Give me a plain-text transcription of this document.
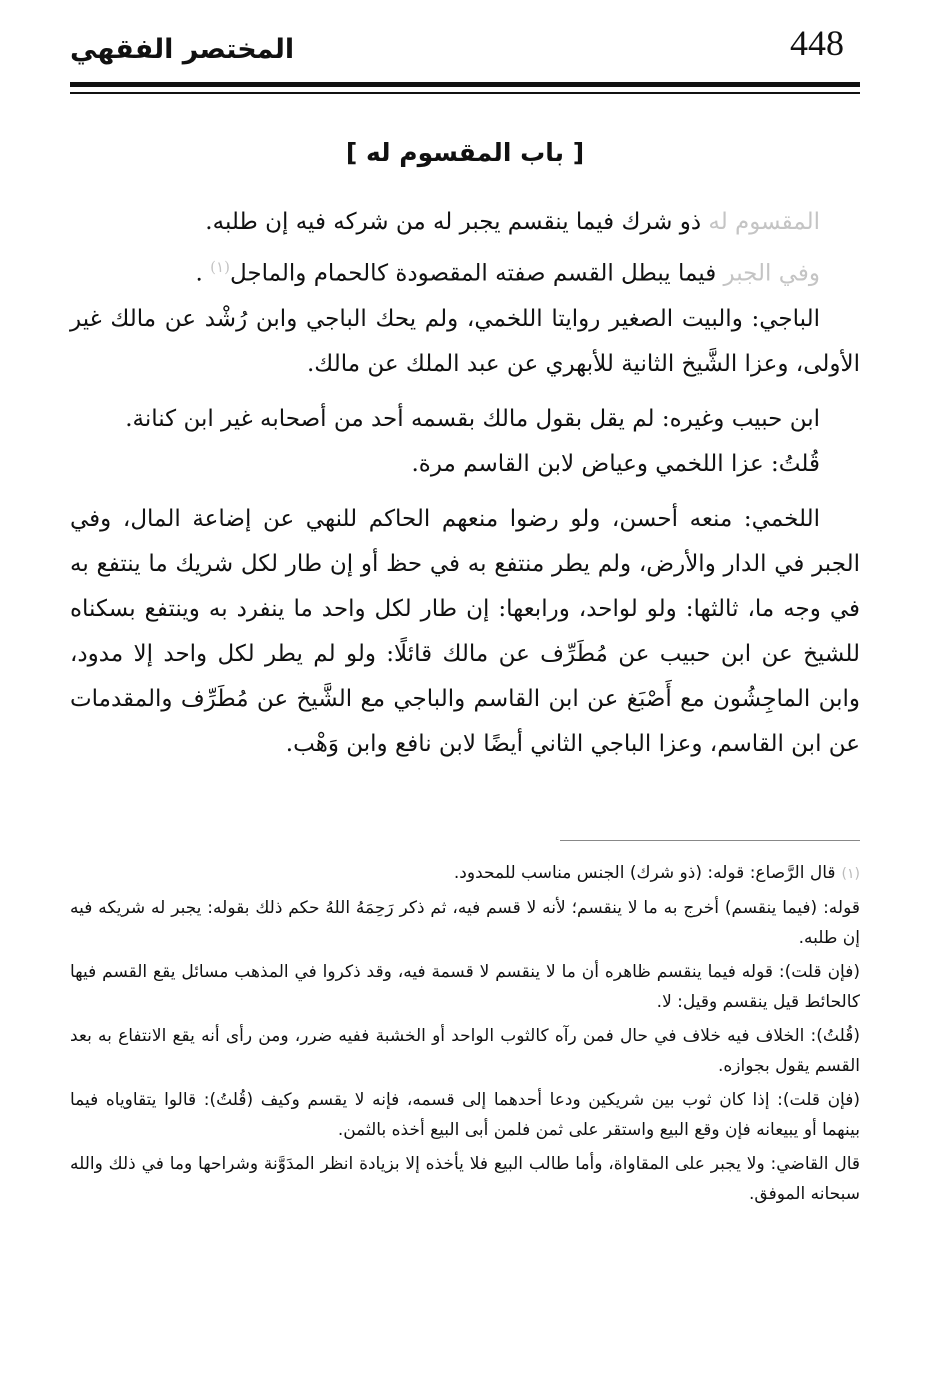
448
المختصر الفقهي
[ باب المقسوم له ]

المقسوم له ذو شرك فيما ينقسم يجبر له من شركه فيه إن طلبه.

وفي الجبر فيما يبطل القسم صفته المقصودة كالحمام والماجل$^{(١)}$ .

الباجي: والبيت الصغير روايتا اللخمي، ولم يحك الباجي وابن رُشْد عن مالك غير الأولى، وعزا الشَّيخ الثانية للأبهري عن عبد الملك عن مالك.

ابن حبيب وغيره: لم يقل بقول مالك بقسمه أحد من أصحابه غير ابن كنانة.

قُلتُ: عزا اللخمي وعياض لابن القاسم مرة.

اللخمي: منعه أحسن، ولو رضوا منعهم الحاكم للنهي عن إضاعة المال، وفي الجبر في الدار والأرض، ولم يطر منتفع به في حظ أو إن طار لكل شريك ما ينتفع به في وجه ما، ثالثها: ولو لواحد، ورابعها: إن طار لكل واحد ما ينفرد به وينتفع بسكناه للشيخ عن ابن حبيب عن مُطَرِّف عن مالك قائلًا: ولو لم يطر لكل واحد إلا مدود، وابن الماجِشُون مع أَصْبَغ عن ابن القاسم والباجي مع الشَّيخ عن مُطَرِّف والمقدمات عن ابن القاسم، وعزا الباجي الثاني أيضًا لابن نافع وابن وَهْب.

(١)قال الرَّصاع: قوله: (ذو شرك) الجنس مناسب للمحدود.

قوله: (فيما ينقسم) أخرج به ما لا ينقسم؛ لأنه لا قسم فيه، ثم ذكر رَحِمَهُ اللهُ حكم ذلك بقوله: يجبر له شريكه فيه إن طلبه.

(فإن قلت): قوله فيما ينقسم ظاهره أن ما لا ينقسم لا قسمة فيه، وقد ذكروا في المذهب مسائل يقع القسم فيها كالحائط قيل ينقسم وقيل: لا.

(قُلتُ): الخلاف فيه خلاف في حال فمن رآه كالثوب الواحد أو الخشبة ففيه ضرر، ومن رأى أنه يقع الانتفاع به بعد القسم يقول بجوازه.

(فإن قلت): إذا كان ثوب بين شريكين ودعا أحدهما إلى قسمه، فإنه لا يقسم وكيف (قُلتُ): قالوا يتقاوياه فيما بينهما أو يبيعانه فإن وقع البيع واستقر على ثمن فلمن أبى البيع أخذه بالثمن.

قال القاضي: ولا يجبر على المقاواة، وأما طالب البيع فلا يأخذه إلا بزيادة انظر المدَوَّنة وشراحها وما في ذلك والله سبحانه الموفق.
